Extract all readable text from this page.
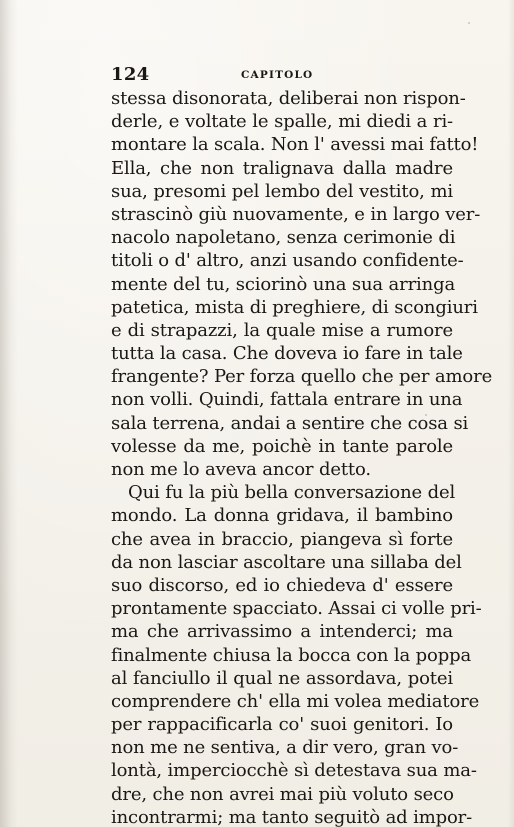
124	CAPITOLO
stessa disonorata, deliberai non rispon-
derle, e voltate le spalle, mi diedi a ri-
montare la scala. Non l' avessi mai fatto!
Ella, che non tralignava dalla madre
sua, presomi pel lembo del vestito, mi
strascinò giù nuovamente, e in largo ver-
nacolo napoletano, senza cerimonie di
titoli o d' altro, anzi usando confidente-
mente del tu, sciorinò una sua arringa
patetica, mista di preghiere, di scongiuri
e di strapazzi, la quale mise a rumore
tutta la casa. Che doveva io fare in tale
frangente? Per forza quello che per amore
non volli. Quindi, fattala entrare in una
sala terrena, andai a sentire che cosa si
volesse da me, poichè in tante parole
non me lo aveva ancor detto.
Qui fu la più bella conversazione del
mondo. La donna gridava, il bambino
che avea in braccio, piangeva sì forte
da non lasciar ascoltare una sillaba del
suo discorso, ed io chiedeva d' essere
prontamente spacciato. Assai ci volle pri-
ma che arrivassimo a intenderci; ma
finalmente chiusa la bocca con la poppa
al fanciullo il qual ne assordava, potei
comprendere ch' ella mi volea mediatore
per rappacificarla co' suoi genitori. Io
non me ne sentiva, a dir vero, gran vo-
lontà, imperciocchè sì detestava sua ma-
dre, che non avrei mai più voluto seco
incontrarmi; ma tanto seguitò ad impor-
